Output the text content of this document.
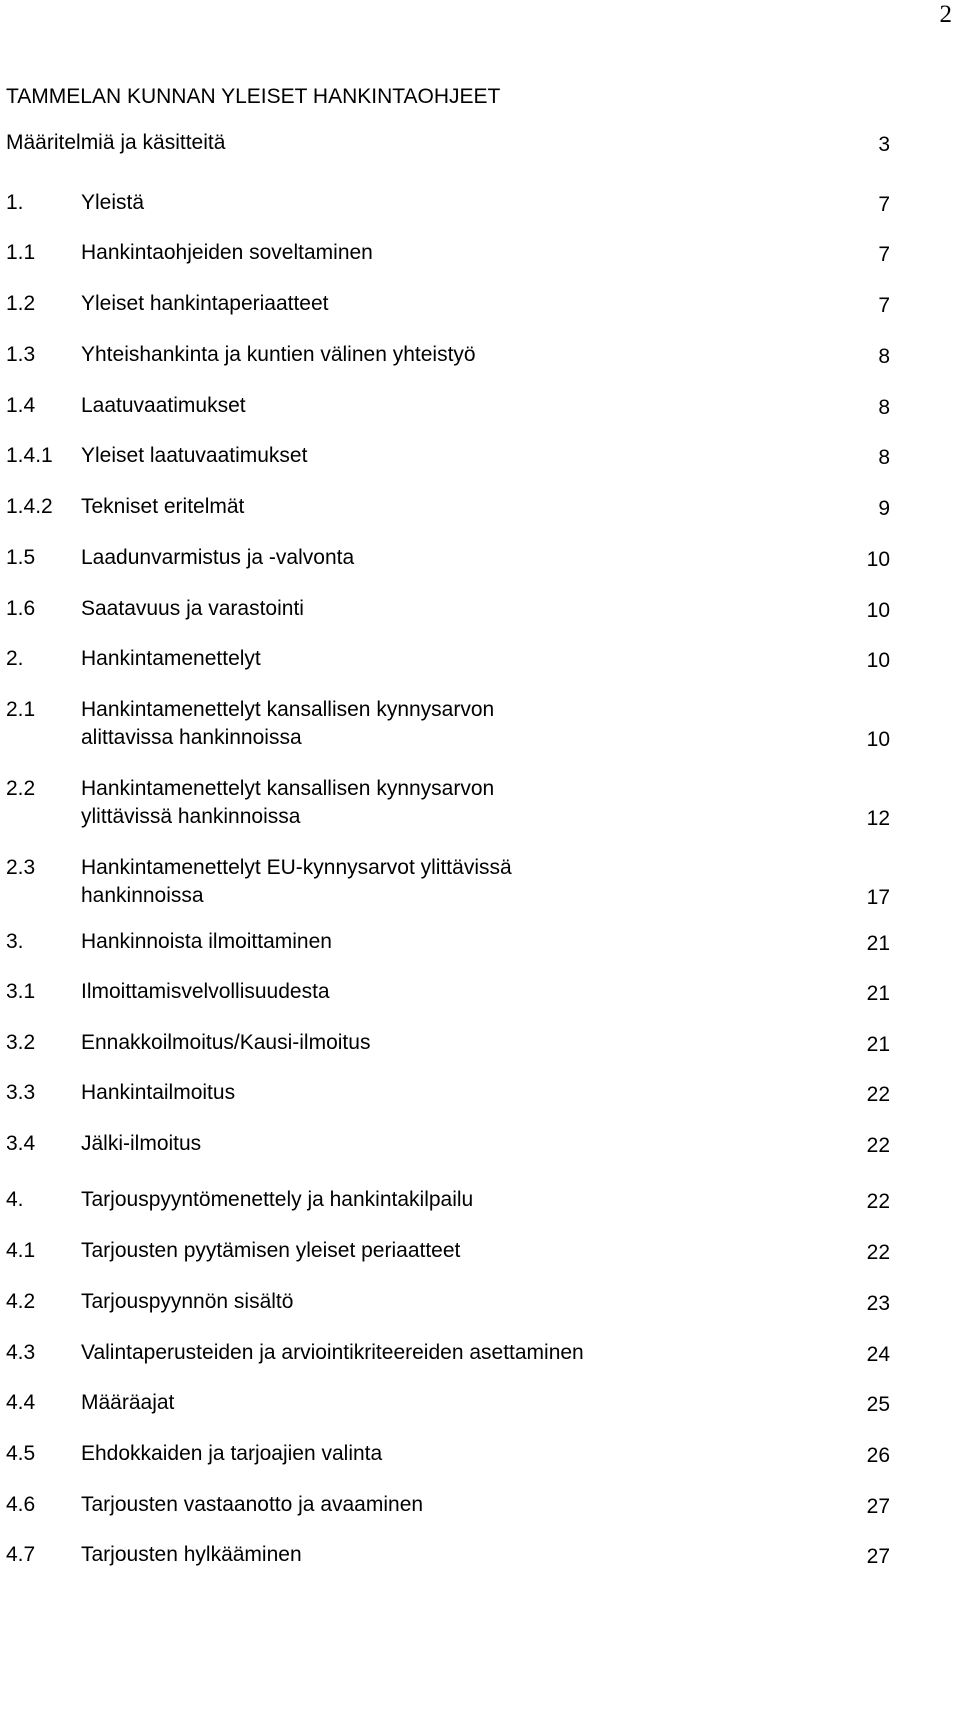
2
TAMMELAN KUNNAN YLEISET HANKINTAOHJEET
Määritelmiä ja käsitteitä	3
1.	Yleistä	7
1.1 Hankintaohjeiden soveltaminen	7
1.2 Yleiset hankintaperiaatteet	7
1.3 Yhteishankinta ja kuntien välinen yhteistyö	8
1.4 Laatuvaatimukset	8
1.4.1 Yleiset laatuvaatimukset	8
1.4.2 Tekniset eritelmät	9
1.5 Laadunvarmistus ja -valvonta	10
1.6 Saatavuus ja varastointi	10
2.	Hankintamenettelyt	10
2.1 Hankintamenettelyt kansallisen kynnysarvon
alittavissa hankinnoissa	10
2.2 Hankintamenettelyt kansallisen kynnysarvon
ylittävissä hankinnoissa	12
2.3 Hankintamenettelyt EU-kynnysarvot ylittävissä
hankinnoissa	17
3.	Hankinnoista ilmoittaminen	21
3.1 Ilmoittamisvelvollisuudesta	21
3.2 Ennakkoilmoitus/Kausi-ilmoitus	21
3.3 Hankintailmoitus	22
3.4 Jälki-ilmoitus	22
4.	Tarjouspyyntömenettely ja hankintakilpailu	22
4.1 Tarjousten pyytämisen yleiset periaatteet	22
4.2 Tarjouspyynnön sisältö	23
4.3 Valintaperusteiden ja arviointikriteereiden asettaminen	24
4.4 Määräajat	25
4.5 Ehdokkaiden ja tarjoajien valinta	26
4.6 Tarjousten vastaanotto ja avaaminen	27
4.7 Tarjousten hylkääminen	27
